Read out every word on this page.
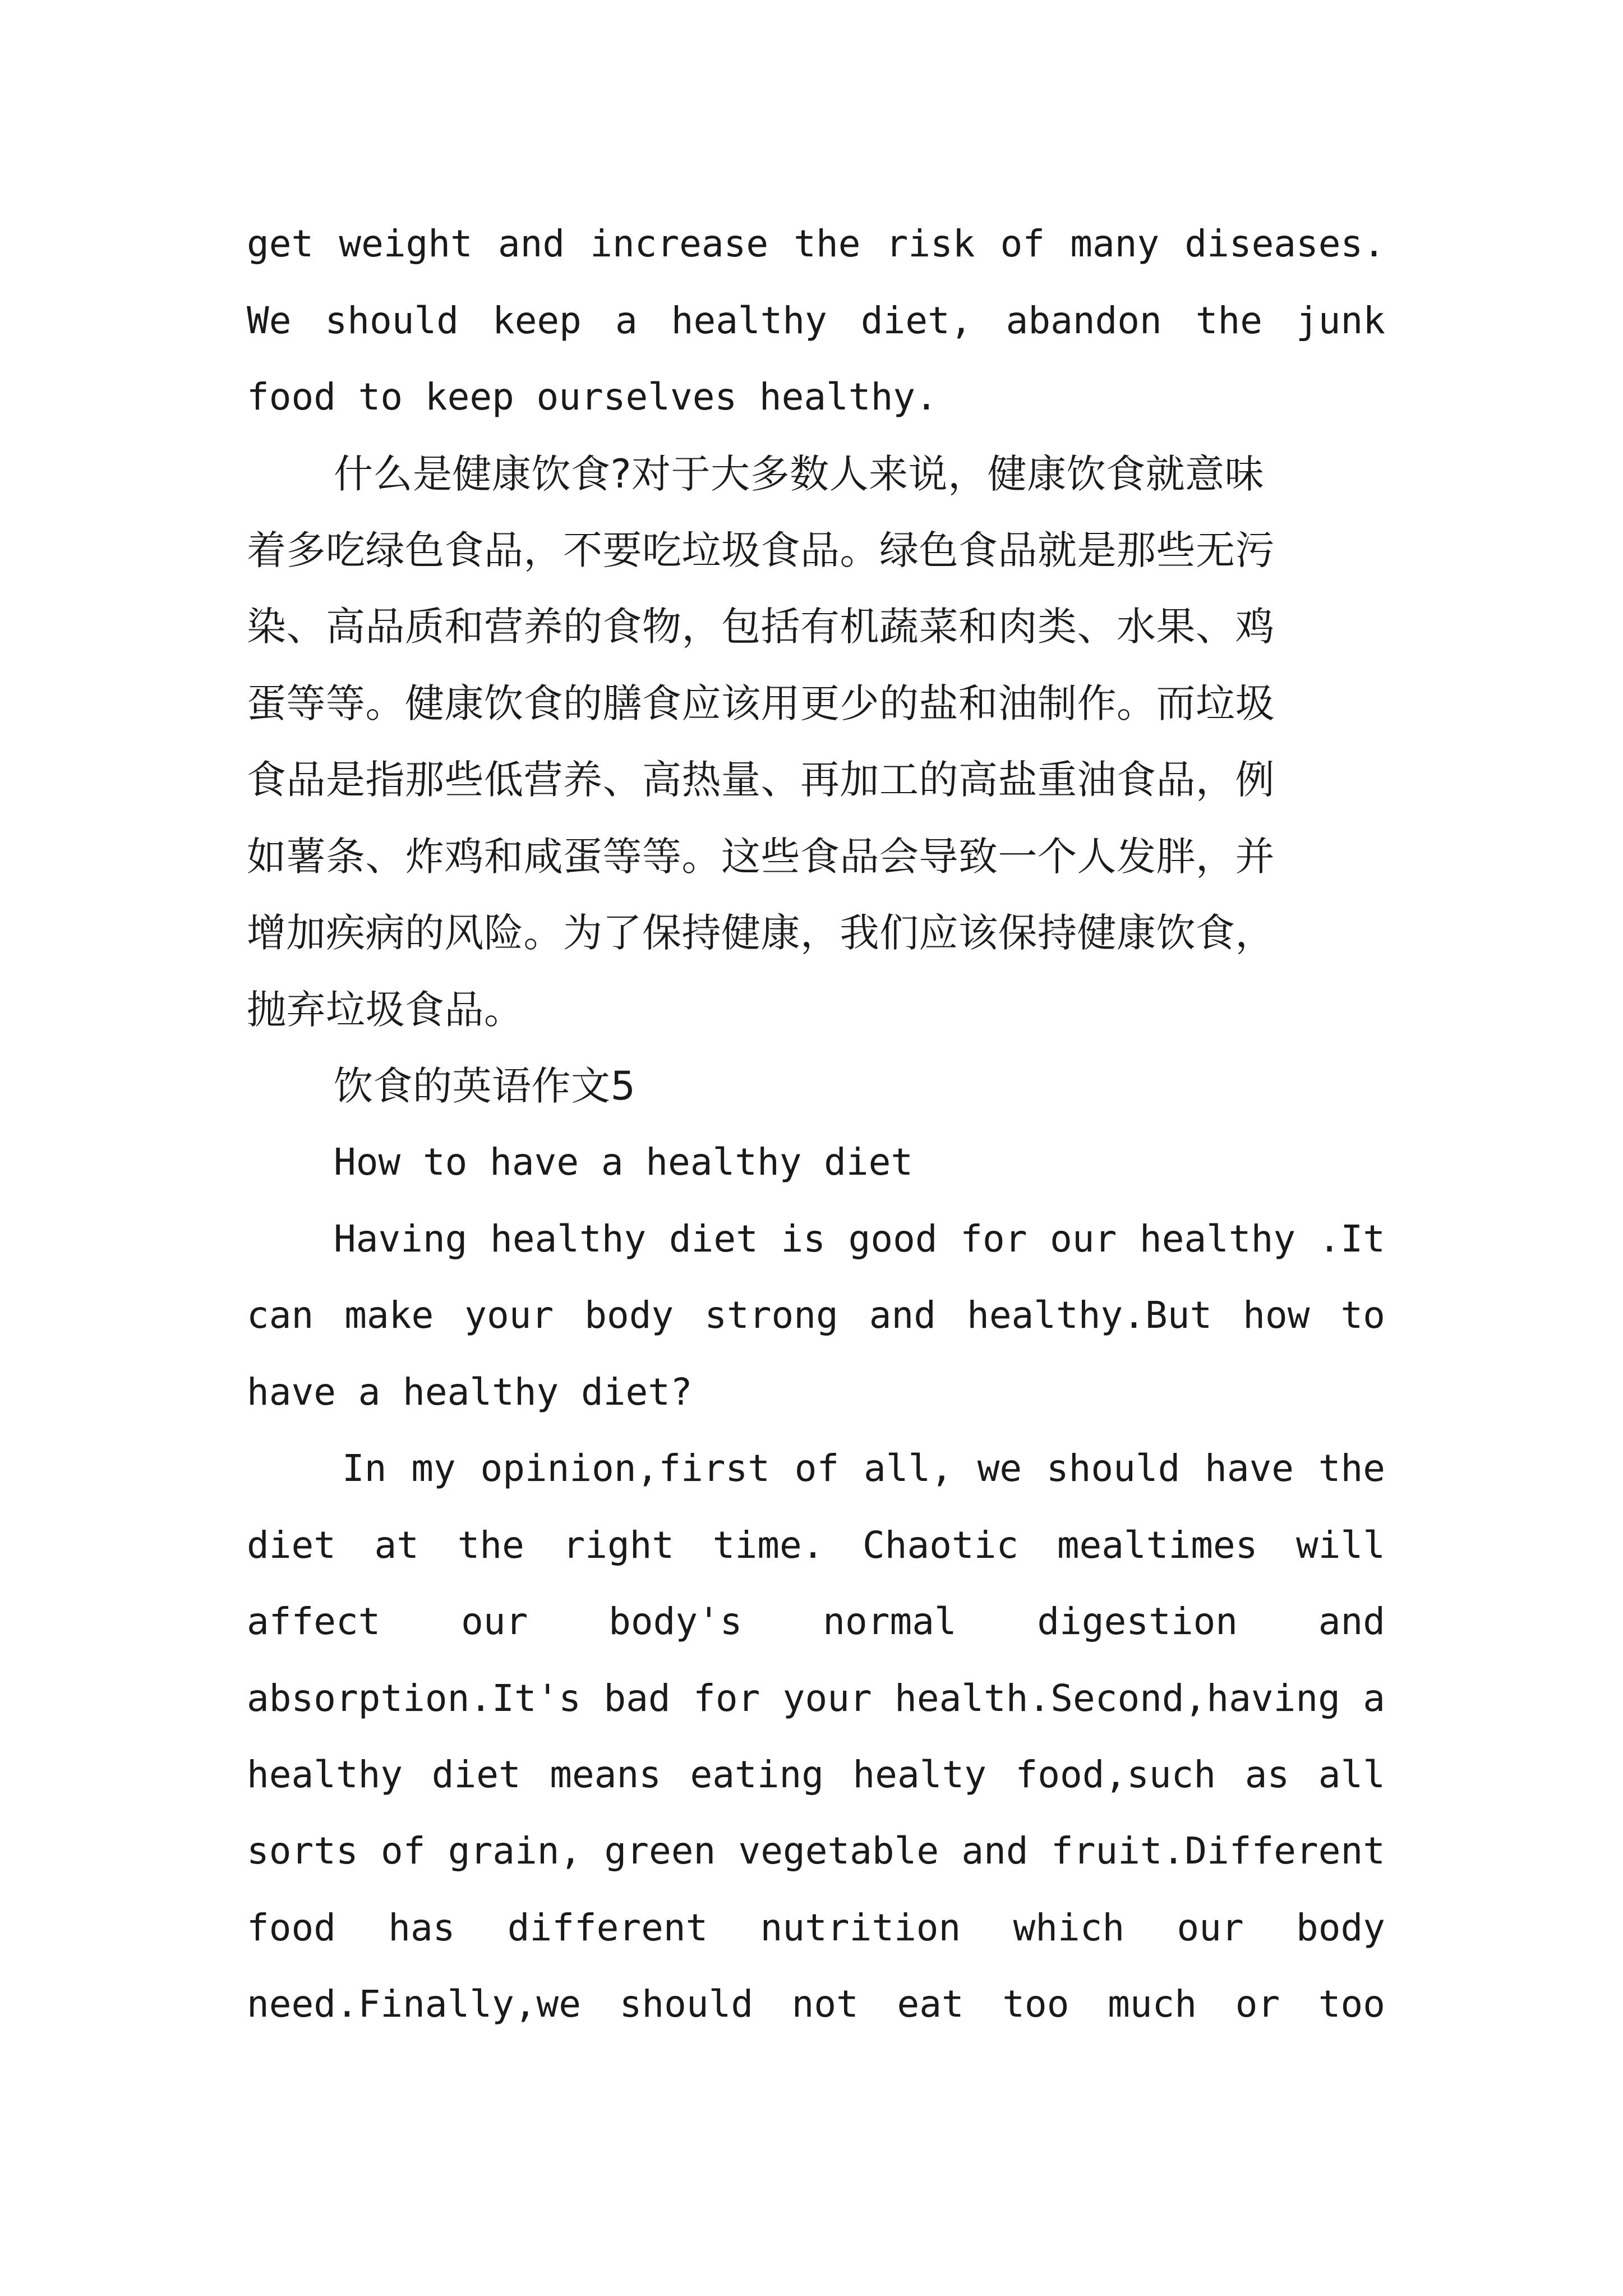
get weight and increase the risk of many diseases.
We should keep a healthy diet, abandon the junk
food to keep ourselves healthy.
什么是健康饮食?对于大多数人来说，健康饮食就意味
着多吃绿色食品，不要吃垃圾食品。绿色食品就是那些无污
染、高品质和营养的食物，包括有机蔬菜和肉类、水果、鸡
蛋等等。健康饮食的膳食应该用更少的盐和油制作。而垃圾
食品是指那些低营养、高热量、再加工的高盐重油食品，例
如薯条、炸鸡和咸蛋等等。这些食品会导致一个人发胖，并
增加疾病的风险。为了保持健康，我们应该保持健康饮食，
抛弃垃圾食品。
饮食的英语作文5
How to have a healthy diet
Having healthy diet is good for our healthy .It
can make your body strong and healthy.But how to
have a healthy diet?
In my opinion,first of all, we should have the
diet at the right time. Chaotic mealtimes will
affect our body's normal digestion and
absorption.It's bad for your health.Second,having a
healthy diet means eating healty food,such as all
sorts of grain, green vegetable and fruit.Different
food has different nutrition which our body
need.Finally,we should not eat too much or too
